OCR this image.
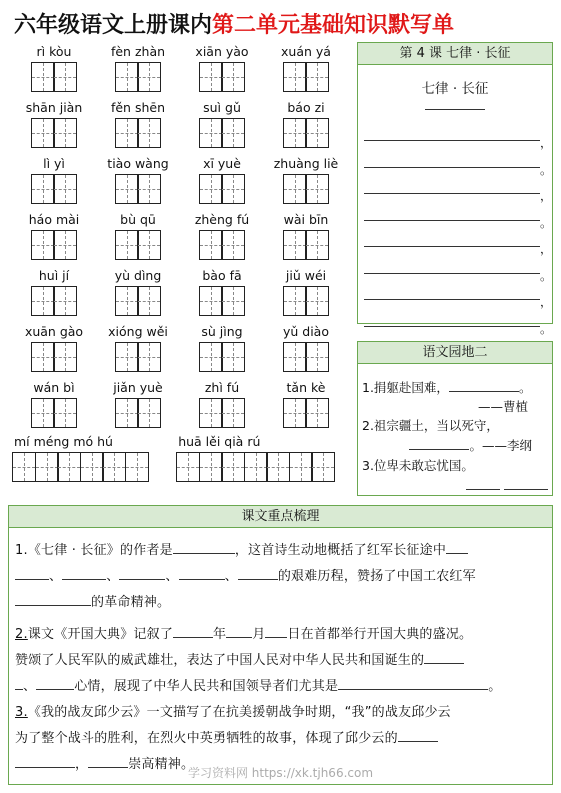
六年级语文上册课内第二单元基础知识默写单
rì kòu	fèn zhàn	xiān yào	xuán yá
shān jiàn	fěn shēn	suì gǔ	báo zi
lì yì	tiào wàng	xī yuè	zhuàng liè
háo mài	bù qū	zhèng fú	wài bīn
huì jí	yù dìng	bào fā	jiǔ wéi
xuān gào	xióng wěi	sù jìng	yǔ diào
wán bì	jiǎn yuè	zhì fú	tǎn kè
mí méng mó hú	huā lěi qià rú
第 4 课 七律 · 长征
七律 · 长征
，
。
，
。
，
。
，
。
语文园地二
1.捐躯赴国难，	。
——曹植
2.祖宗疆土，当以死守，
。——李纲
3.位卑未敢忘忧国。

课文重点梳理
1.《七律 · 长征》的作者是	，这首诗生动地概括了红军长征途中
、	、	、	、	的艰难历程，赞扬了中国工农红军
的革命精神。
2.课文《开国大典》记叙了	年 月 日在首都举行开国大典的盛况。
赞颂了人民军队的威武雄壮，表达了中国人民对中华人民共和国诞生的
、	心情，展现了中华人民共和国领导者们尤其是	。
3.《我的战友邱少云》一文描写了在抗美援朝战争时期，“我”的战友邱少云
为了整个战斗的胜利，在烈火中英勇牺牲的故事，体现了邱少云的
，	崇高精神。
学习资料网 https://xk.tjh66.com
